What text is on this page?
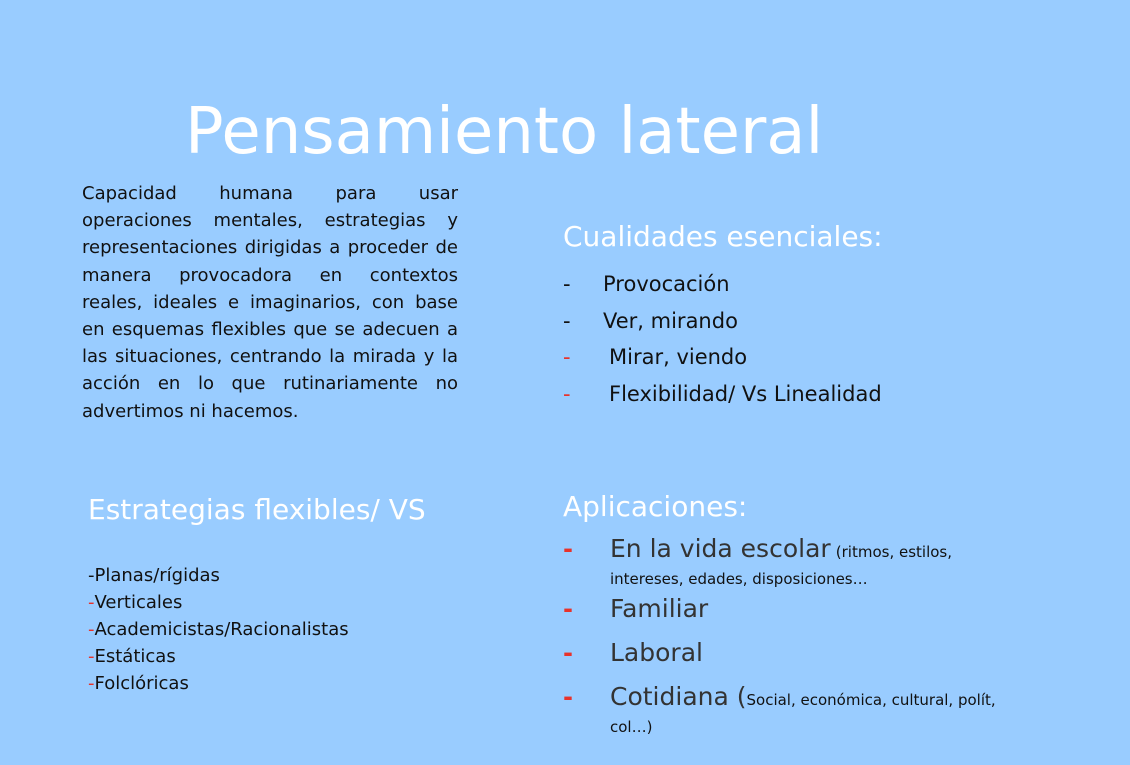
Pensamiento lateral

Capacidad humana para usar operaciones mentales, estrategias y representaciones dirigidas a proceder de manera provocadora en contextos reales, ideales e imaginarios, con base en esquemas flexibles que se adecuen a las situaciones, centrando la mirada y la acción en lo que rutinariamente no advertimos ni hacemos.

Cualidades esenciales:
-	Provocación
-	Ver, mirando
-	Mirar, viendo
-	Flexibilidad/ Vs Linealidad
Estrategias flexibles/ VS
- Planas/rígidas
- Verticales
- Academicistas/Racionalistas
- Estáticas
- Folclóricas
Aplicaciones:
-	En la vida escolar (ritmos, estilos, intereses, edades, disposiciones…
-	Familiar
-	Laboral
-	Cotidiana (Social, económica, cultural, polít, col…)
